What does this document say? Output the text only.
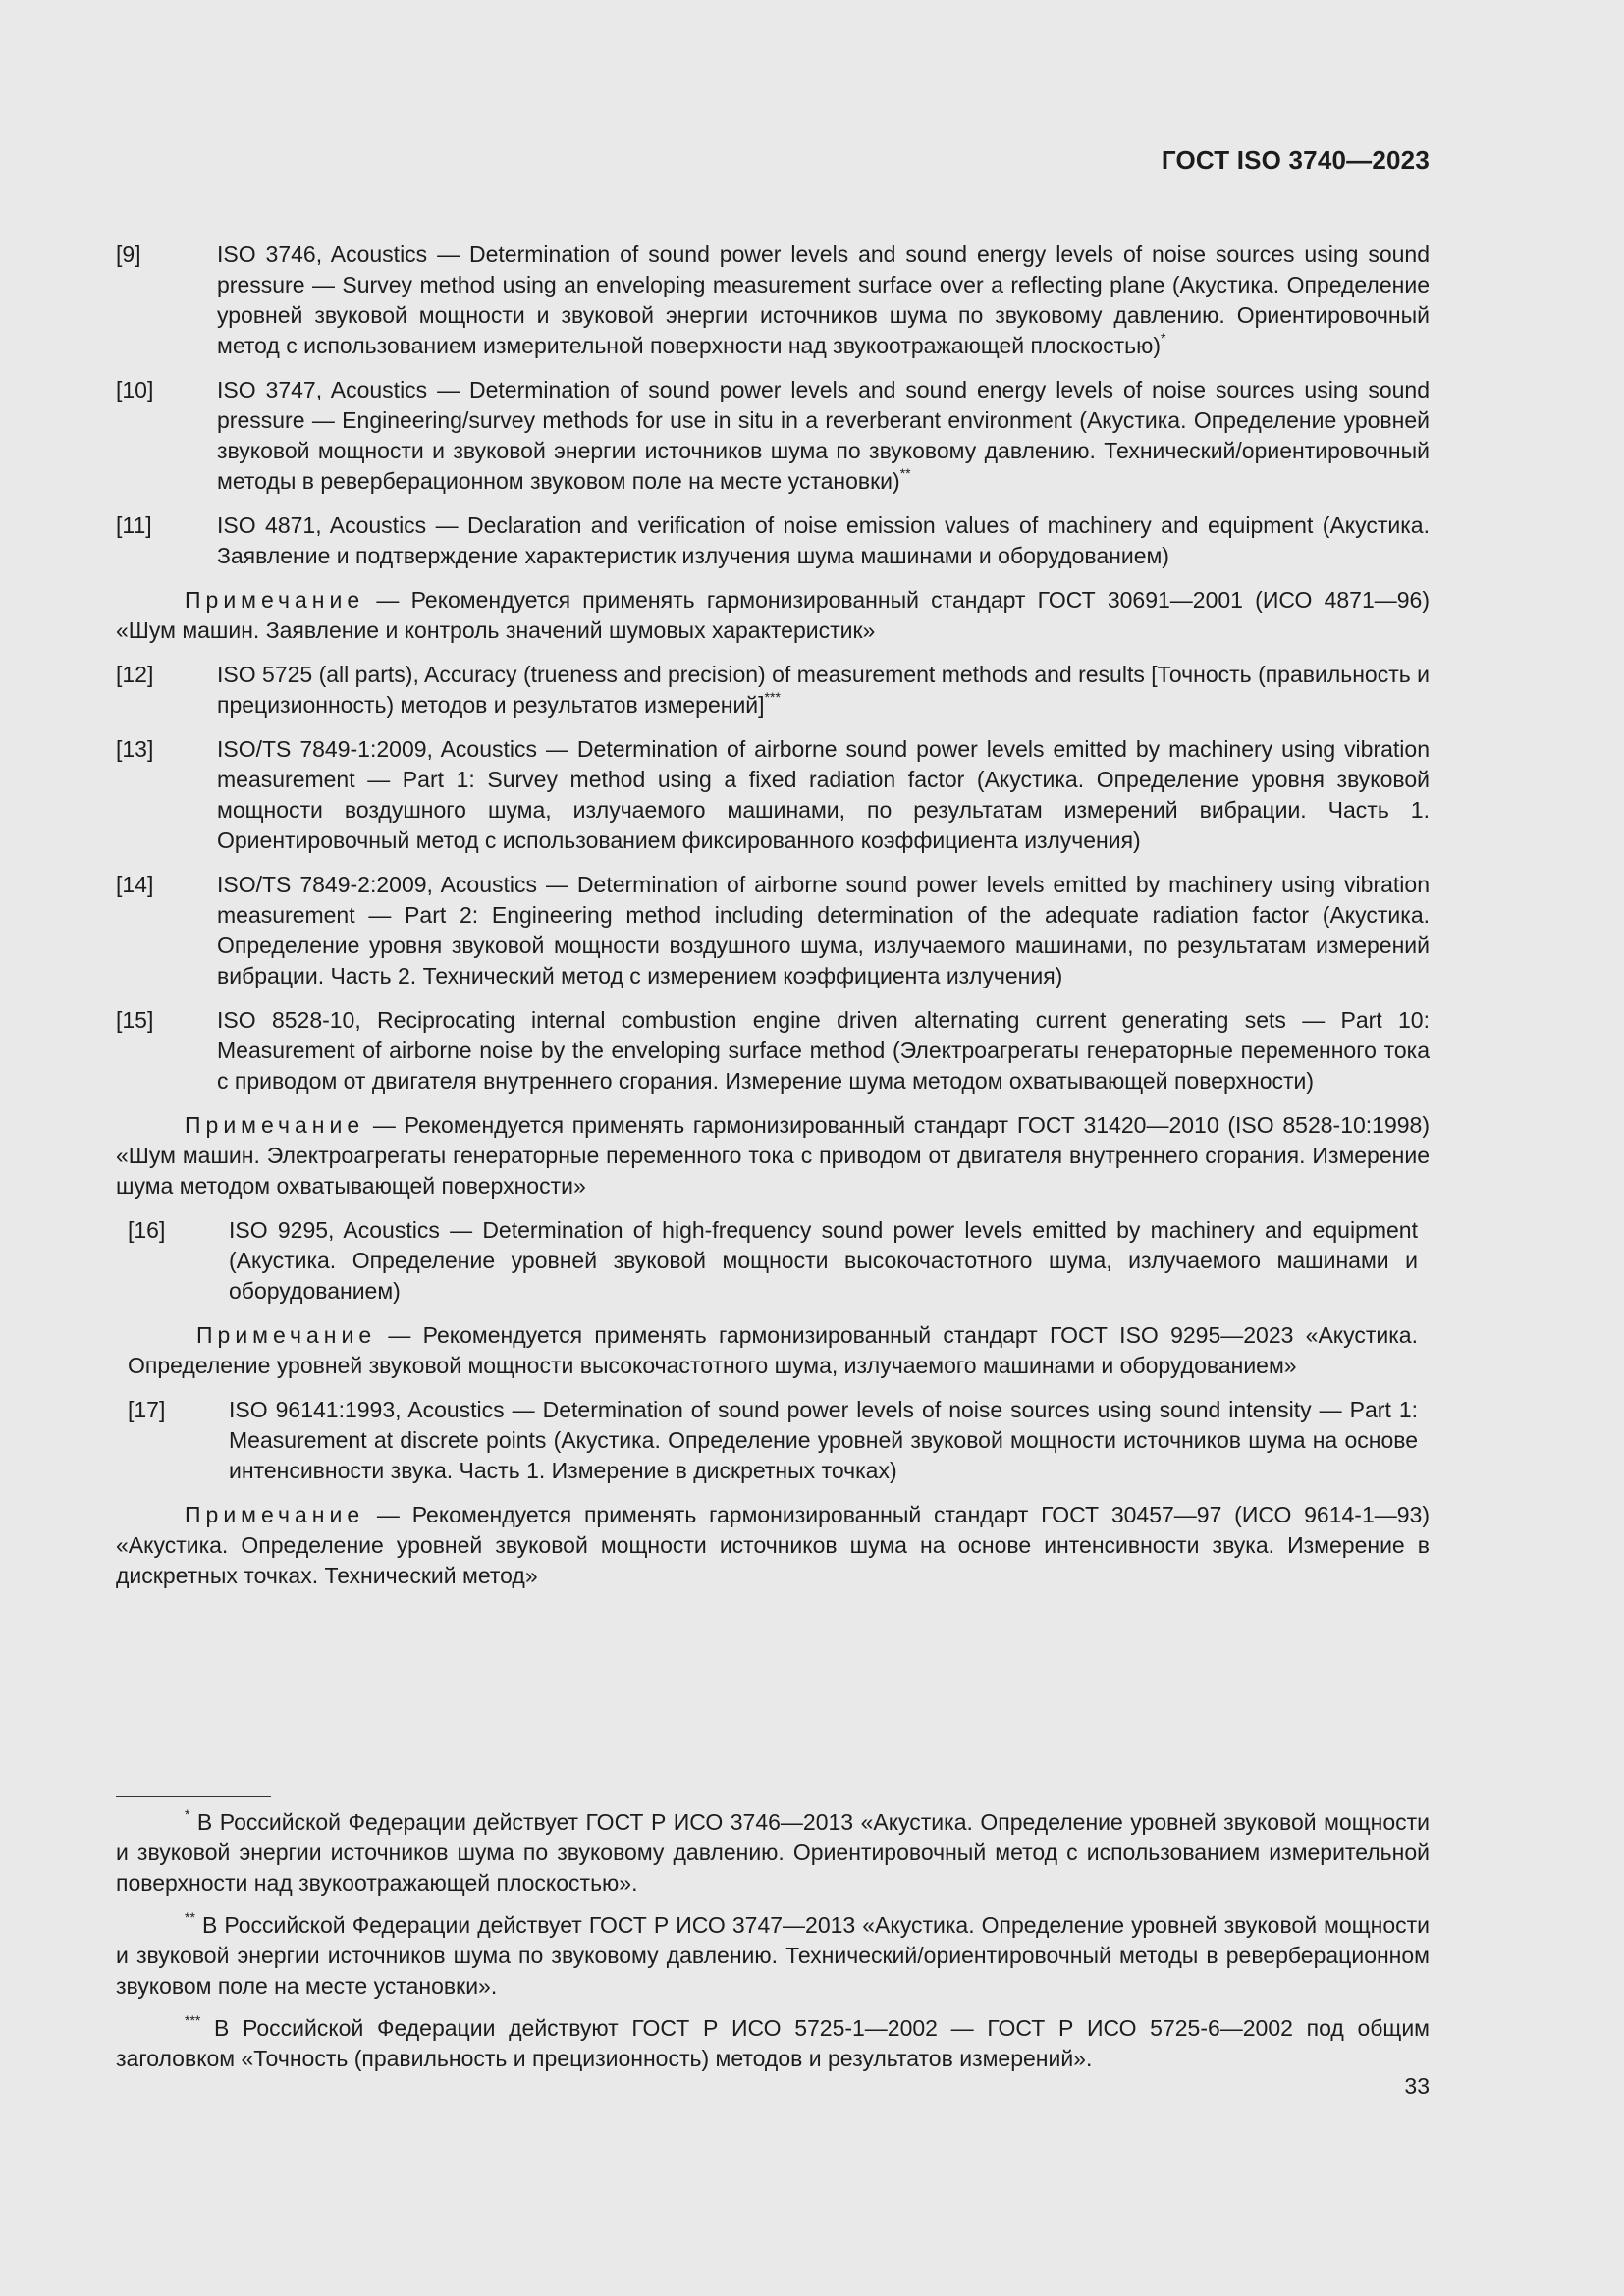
ГОСТ ISO 3740—2023
[9]	ISO 3746, Acoustics — Determination of sound power levels and sound energy levels of noise sources using sound pressure — Survey method using an enveloping measurement surface over a reflecting plane (Акустика. Определение уровней звуковой мощности и звуковой энергии источников шума по звуковому давлению. Ориентировочный метод с использованием измерительной поверхности над звукоотражающей плоскостью)*
[10]	ISO 3747, Acoustics — Determination of sound power levels and sound energy levels of noise sources using sound pressure — Engineering/survey methods for use in situ in a reverberant environment (Акустика. Определение уровней звуковой мощности и звуковой энергии источников шума по звуковому давлению. Технический/ориентировочный методы в реверберационном звуковом поле на месте установки)**
[11]	ISO 4871, Acoustics — Declaration and verification of noise emission values of machinery and equipment (Акустика. Заявление и подтверждение характеристик излучения шума машинами и оборудованием)
Примечание — Рекомендуется применять гармонизированный стандарт ГОСТ 30691—2001 (ИСО 4871—96) «Шум машин. Заявление и контроль значений шумовых характеристик»
[12]	ISO 5725 (all parts), Accuracy (trueness and precision) of measurement methods and results [Точность (правильность и прецизионность) методов и результатов измерений]***
[13]	ISO/TS 7849-1:2009, Acoustics — Determination of airborne sound power levels emitted by machinery using vibration measurement — Part 1: Survey method using a fixed radiation factor (Акустика. Определение уровня звуковой мощности воздушного шума, излучаемого машинами, по результатам измерений вибрации. Часть 1. Ориентировочный метод с использованием фиксированного коэффициента излучения)
[14]	ISO/TS 7849-2:2009, Acoustics — Determination of airborne sound power levels emitted by machinery using vibration measurement — Part 2: Engineering method including determination of the adequate radiation factor (Акустика. Определение уровня звуковой мощности воздушного шума, излучаемого машинами, по результатам измерений вибрации. Часть 2. Технический метод с измерением коэффициента излучения)
[15]	ISO 8528-10, Reciprocating internal combustion engine driven alternating current generating sets — Part 10: Measurement of airborne noise by the enveloping surface method (Электроагрегаты генераторные переменного тока с приводом от двигателя внутреннего сгорания. Измерение шума методом охватывающей поверхности)
Примечание — Рекомендуется применять гармонизированный стандарт ГОСТ 31420—2010 (ISO 8528-10:1998) «Шум машин. Электроагрегаты генераторные переменного тока с приводом от двигателя внутреннего сгорания. Измерение шума методом охватывающей поверхности»
[16]	ISO 9295, Acoustics — Determination of high-frequency sound power levels emitted by machinery and equipment (Акустика. Определение уровней звуковой мощности высокочастотного шума, излучаемого машинами и оборудованием)
Примечание — Рекомендуется применять гармонизированный стандарт ГОСТ ISO 9295—2023 «Акустика. Определение уровней звуковой мощности высокочастотного шума, излучаемого машинами и оборудованием»
[17]	ISO 96141:1993, Acoustics — Determination of sound power levels of noise sources using sound intensity — Part 1: Measurement at discrete points (Акустика. Определение уровней звуковой мощности источников шума на основе интенсивности звука. Часть 1. Измерение в дискретных точках)
Примечание — Рекомендуется применять гармонизированный стандарт ГОСТ 30457—97 (ИСО 9614-1—93) «Акустика. Определение уровней звуковой мощности источников шума на основе интенсивности звука. Измерение в дискретных точках. Технический метод»
* В Российской Федерации действует ГОСТ Р ИСО 3746—2013 «Акустика. Определение уровней звуковой мощности и звуковой энергии источников шума по звуковому давлению. Ориентировочный метод с использованием измерительной поверхности над звукоотражающей плоскостью».
** В Российской Федерации действует ГОСТ Р ИСО 3747—2013 «Акустика. Определение уровней звуковой мощности и звуковой энергии источников шума по звуковому давлению. Технический/ориентировочный методы в реверберационном звуковом поле на месте установки».
*** В Российской Федерации действуют ГОСТ Р ИСО 5725-1—2002 — ГОСТ Р ИСО 5725-6—2002 под общим заголовком «Точность (правильность и прецизионность) методов и результатов измерений».
33
